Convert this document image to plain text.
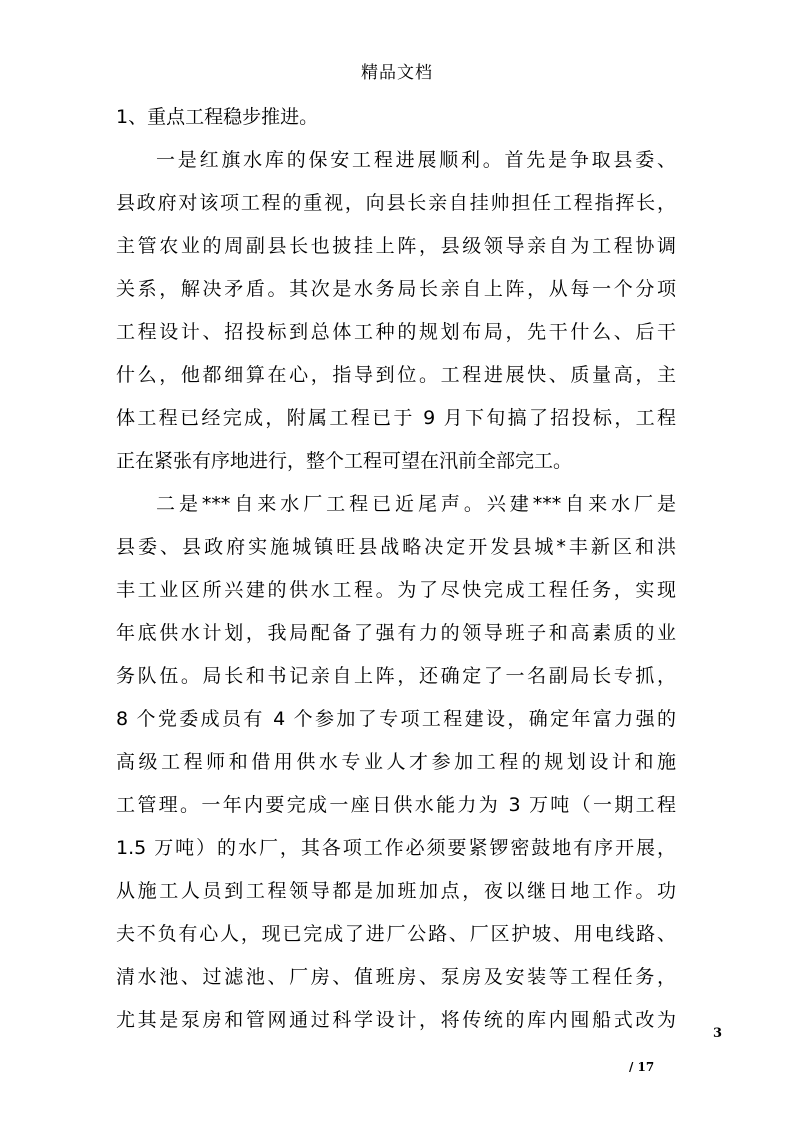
精品文档
1、重点工程稳步推进。
一是红旗水库的保安工程进展顺利。首先是争取县委、
县政府对该项工程的重视，向县长亲自挂帅担任工程指挥长，
主管农业的周副县长也披挂上阵，县级领导亲自为工程协调
关系，解决矛盾。其次是水务局长亲自上阵，从每一个分项
工程设计、招投标到总体工种的规划布局，先干什么、后干
什么，他都细算在心，指导到位。工程进展快、质量高，主
体工程已经完成，附属工程已于 9 月下旬搞了招投标，工程
正在紧张有序地进行，整个工程可望在汛前全部完工。
二是***自来水厂工程已近尾声。兴建***自来水厂是
县委、县政府实施城镇旺县战略决定开发县城*丰新区和洪
丰工业区所兴建的供水工程。为了尽快完成工程任务，实现
年底供水计划，我局配备了强有力的领导班子和高素质的业
务队伍。局长和书记亲自上阵，还确定了一名副局长专抓，
8 个党委成员有 4 个参加了专项工程建设，确定年富力强的
高级工程师和借用供水专业人才参加工程的规划设计和施
工管理。一年内要完成一座日供水能力为 3 万吨（一期工程
1.5 万吨）的水厂，其各项工作必须要紧锣密鼓地有序开展，
从施工人员到工程领导都是加班加点，夜以继日地工作。功
夫不负有心人，现已完成了进厂公路、厂区护坡、用电线路、
清水池、过滤池、厂房、值班房、泵房及安装等工程任务，
尤其是泵房和管网通过科学设计，将传统的库内囤船式改为
3
/ 17
